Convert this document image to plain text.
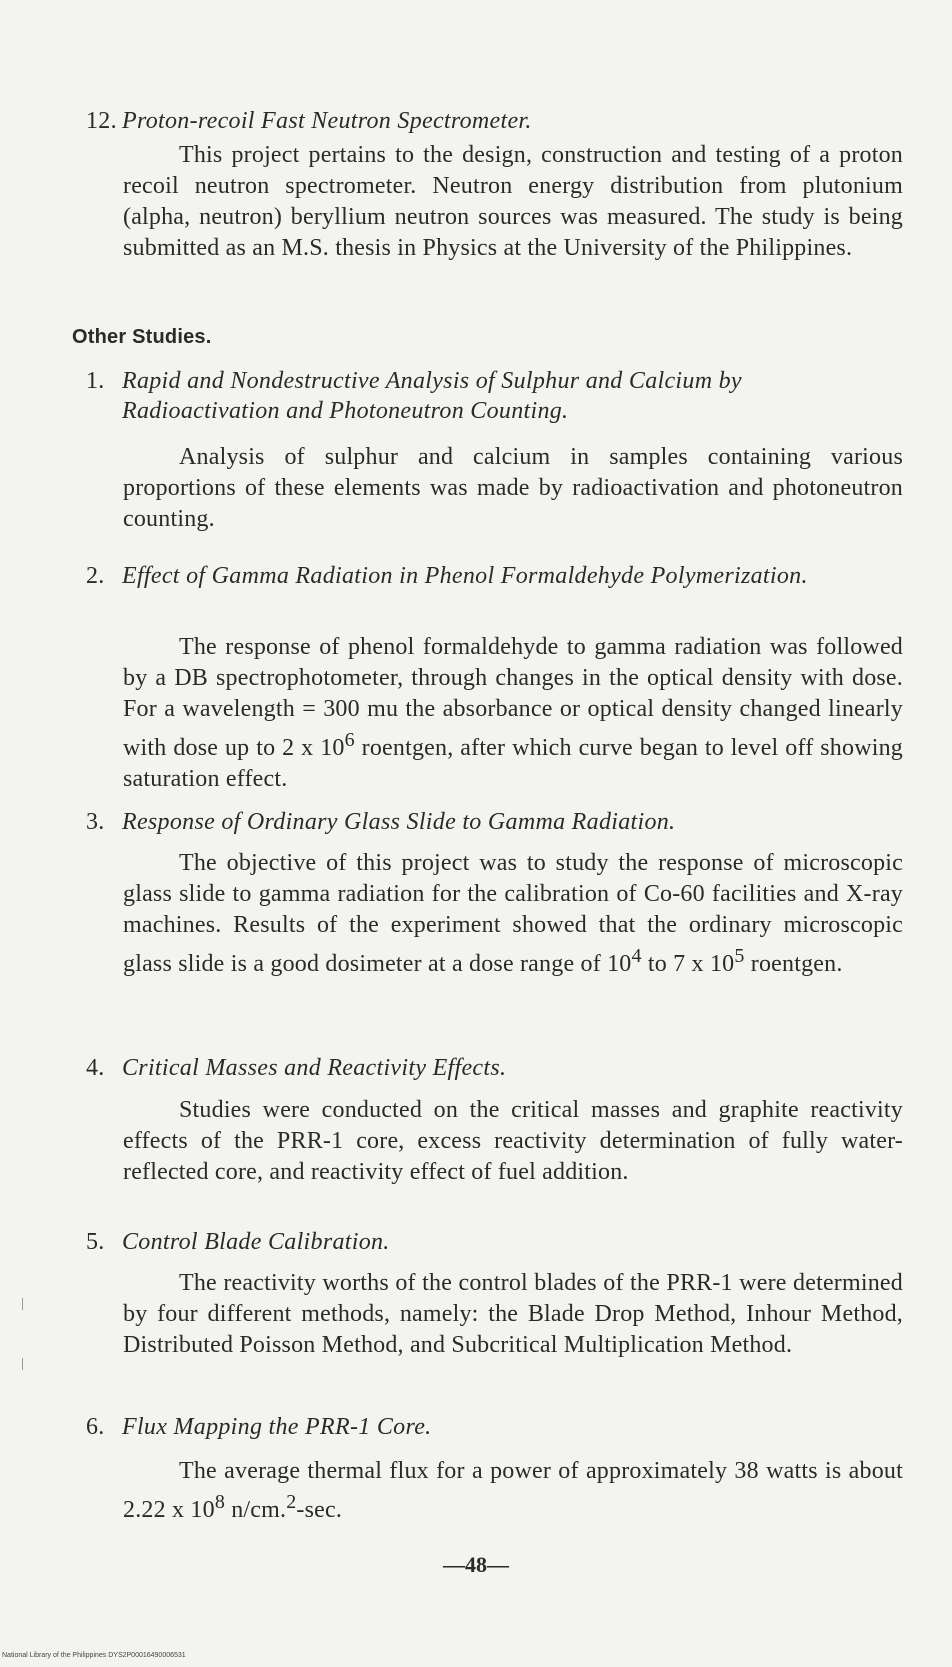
12. Proton-recoil Fast Neutron Spectrometer.

This project pertains to the design, construction and testing of a proton recoil neutron spectrometer. Neutron energy distribution from plutonium (alpha, neutron) beryllium neutron sources was measured. The study is being submitted as an M.S. thesis in Physics at the University of the Philippines.

Other Studies.
1. Rapid and Nondestructive Analysis of Sulphur and Calcium by Radioactivation and Photoneutron Counting.

Analysis of sulphur and calcium in samples containing various proportions of these elements was made by radioactivation and photoneutron counting.

2. Effect of Gamma Radiation in Phenol Formaldehyde Polymerization.

The response of phenol formaldehyde to gamma radiation was followed by a DB spectrophotometer, through changes in the optical density with dose. For a wavelength = 300 mu the absorbance or optical density changed linearly with dose up to 2 x $10^6$ roentgen, after which curve began to level off showing saturation effect.

3. Response of Ordinary Glass Slide to Gamma Radiation.

The objective of this project was to study the response of microscopic glass slide to gamma radiation for the calibration of Co-60 facilities and X-ray machines. Results of the experiment showed that the ordinary microscopic glass slide is a good dosimeter at a dose range of $10^4$ to 7 x $10^5$ roentgen.

4. Critical Masses and Reactivity Effects.

Studies were conducted on the critical masses and graphite reactivity effects of the PRR-1 core, excess reactivity determination of fully water-reflected core, and reactivity effect of fuel addition.

5. Control Blade Calibration.

The reactivity worths of the control blades of the PRR-1 were determined by four different methods, namely: the Blade Drop Method, Inhour Method, Distributed Poisson Method, and Subcritical Multiplication Method.

6. Flux Mapping the PRR-1 Core.

The average thermal flux for a power of approximately 38 watts is about 2.22 x $10^8$ n/cm.$^2$-sec.

—48—
National Library of the Philippines DYS2P00016490006531
